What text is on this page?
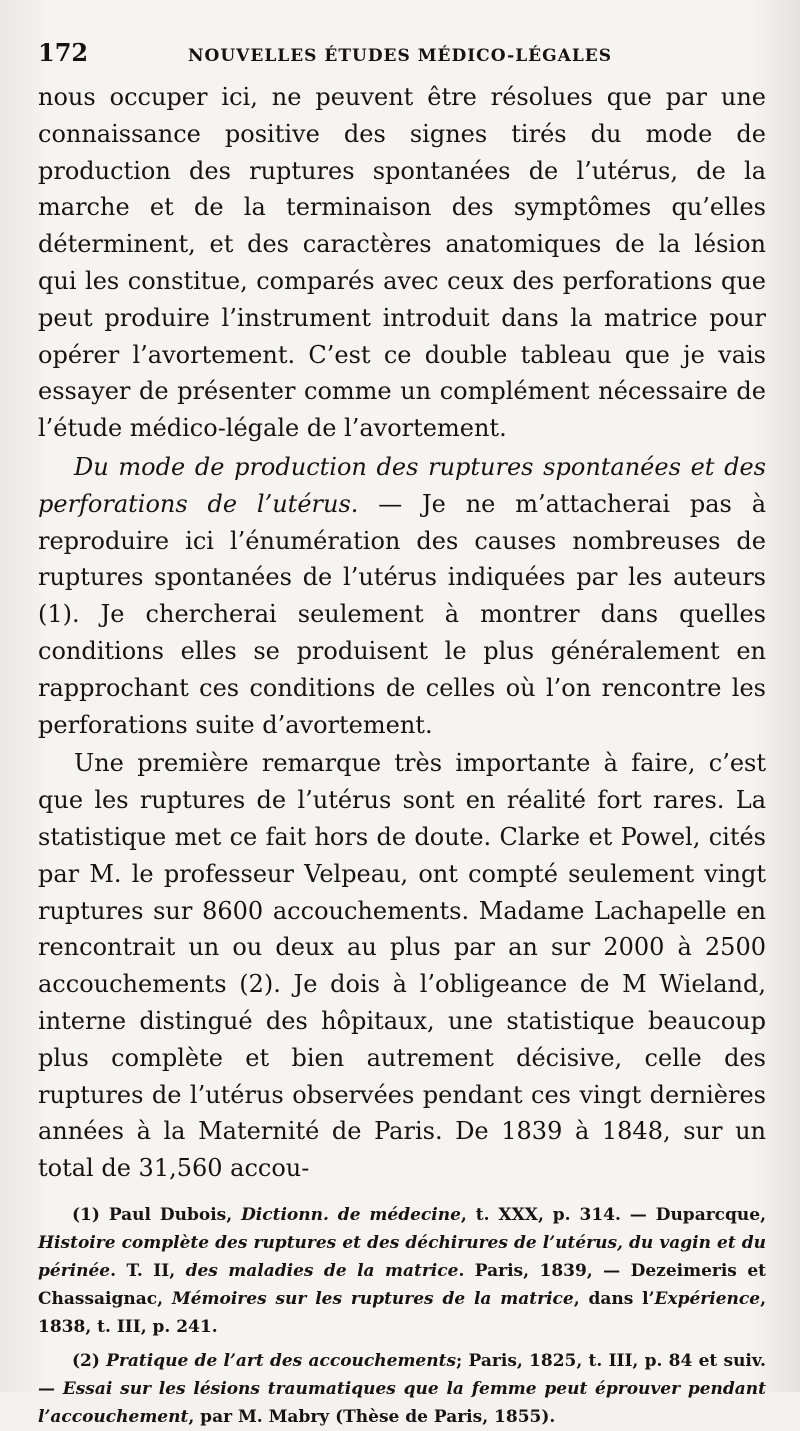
172	NOUVELLES ÉTUDES MÉDICO-LÉGALES

nous occuper ici, ne peuvent être résolues que par une connaissance positive des signes tirés du mode de production des ruptures spontanées de l’utérus, de la marche et de la terminaison des symptômes qu’elles déterminent, et des caractères anatomiques de la lésion qui les constitue, comparés avec ceux des perforations que peut produire l’instrument introduit dans la matrice pour opérer l’avortement. C’est ce double tableau que je vais essayer de présenter comme un complément nécessaire de l’étude médico-légale de l’avortement.

Du mode de production des ruptures spontanées et des perforations de l’utérus. — Je ne m’attacherai pas à reproduire ici l’énumération des causes nombreuses de ruptures spontanées de l’utérus indiquées par les auteurs (1). Je chercherai seulement à montrer dans quelles conditions elles se produisent le plus généralement en rapprochant ces conditions de celles où l’on rencontre les perforations suite d’avortement.

Une première remarque très importante à faire, c’est que les ruptures de l’utérus sont en réalité fort rares. La statistique met ce fait hors de doute. Clarke et Powel, cités par M. le professeur Velpeau, ont compté seulement vingt ruptures sur 8600 accouchements. Madame Lachapelle en rencontrait un ou deux au plus par an sur 2000 à 2500 accouchements (2). Je dois à l’obligeance de M Wieland, interne distingué des hôpitaux, une statistique beaucoup plus complète et bien autrement décisive, celle des ruptures de l’utérus observées pendant ces vingt dernières années à la Maternité de Paris. De 1839 à 1848, sur un total de 31,560 accou-

(1) Paul Dubois, Dictionn. de médecine, t. XXX, p. 314. — Duparcque, Histoire complète des ruptures et des déchirures de l’utérus, du vagin et du périnée. T. II, des maladies de la matrice. Paris, 1839, — Dezeimeris et Chassaignac, Mémoires sur les ruptures de la matrice, dans l’Expérience, 1838, t. III, p. 241.

(2) Pratique de l’art des accouchements; Paris, 1825, t. III, p. 84 et suiv. — Essai sur les lésions traumatiques que la femme peut éprouver pendant l’accouchement, par M. Mabry (Thèse de Paris, 1855).
